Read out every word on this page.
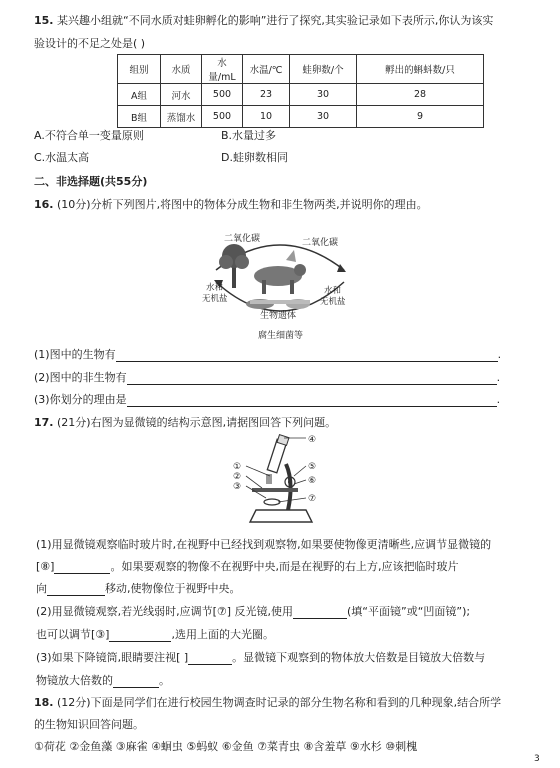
15. 某兴趣小组就“不同水质对蛙卵孵化的影响”进行了探究,其实验记录如下表所示,你认为该实
验设计的不足之处是( )
组别	水质	水量/mL	水温/℃	蛙卵数/个	孵出的蝌蚪数/只
A组	河水	500	23	30	28
B组	蒸馏水	500	10	30	9
A.不符合单一变量原则	B.水量过多
C.水温太高	D.蛙卵数相同
二、非选择题(共55分)
16. (10分)分析下列图片,将图中的物体分成生物和非生物两类,并说明你的理由。
二氧化碳	二氧化碳
水和
无机盐
水和
无机盐
生物遗体
腐生细菌等
(1)图中的生物有	.
(2)图中的非生物有	.
(3)你划分的理由是	.
17. (21分)右图为显微镜的结构示意图,请据图回答下列问题。
①
②
③
④
⑤
⑥
⑦
(1)用显微镜观察临时玻片时,在视野中已经找到观察物,如果要使物像更清晰些,应调节显微镜的
[⑧]	。如果要观察的物像不在视野中央,而是在视野的右上方,应该把临时玻片
向	移动,使物像位于视野中央。
(2)用显微镜观察,若光线弱时,应调节[⑦] 反光镜,使用	(填“平面镜”或“凹面镜”);
也可以调节[③]	,选用上面的大光圈。
(3)如果下降镜筒,眼睛要注视[ ]	。显微镜下观察到的物体放大倍数是目镜放大倍数与
物镜放大倍数的	。
18. (12分)下面是同学们在进行校园生物调查时记录的部分生物名称和看到的几种现象,结合所学
的生物知识回答问题。
①荷花 ②金鱼藻 ③麻雀 ④蛔虫 ⑤蚂蚁 ⑥金鱼 ⑦菜青虫 ⑧含羞草 ⑨水杉 ⑩刺槐
3
